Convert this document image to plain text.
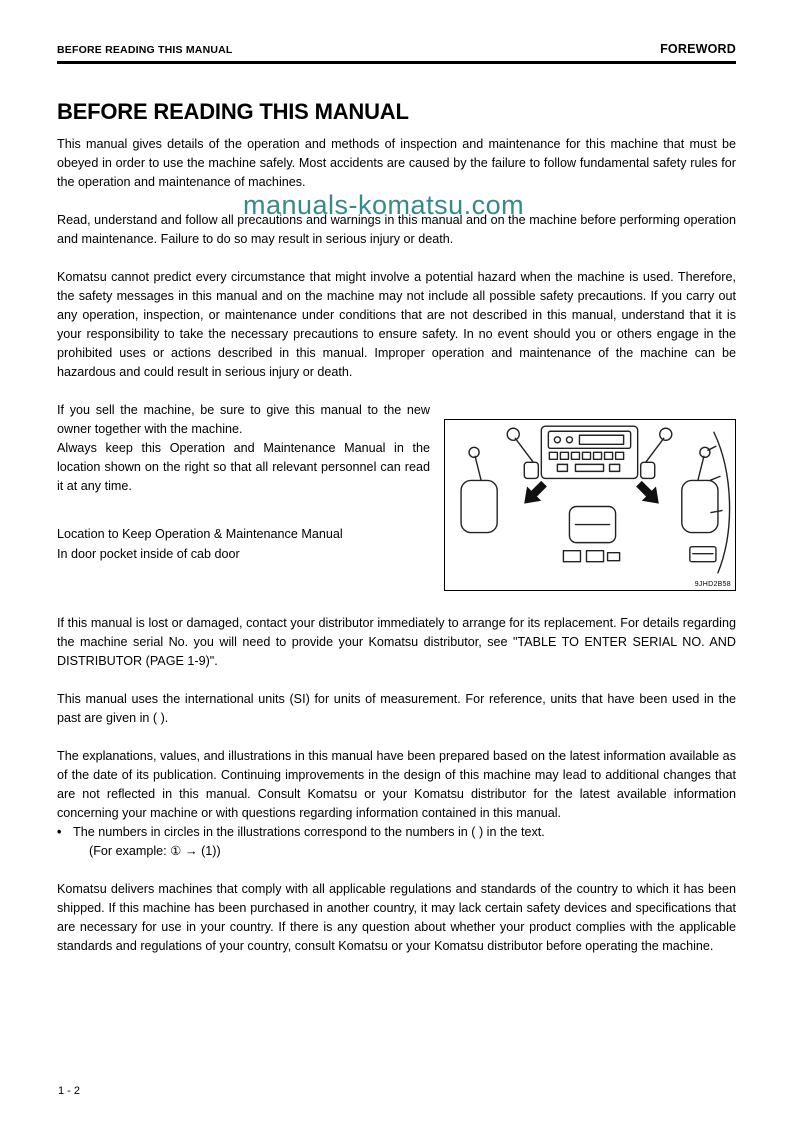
BEFORE READING THIS MANUAL	FOREWORD
manuals-komatsu.com
BEFORE READING THIS MANUAL

This manual gives details of the operation and methods of inspection and maintenance for this machine that must be obeyed in order to use the machine safely. Most accidents are caused by the failure to follow fundamental safety rules for the operation and maintenance of machines.

Read, understand and follow all precautions and warnings in this manual and on the machine before performing operation and maintenance. Failure to do so may result in serious injury or death.

Komatsu cannot predict every circumstance that might involve a potential hazard when the machine is used. Therefore, the safety messages in this manual and on the machine may not include all possible safety precautions. If you carry out any operation, inspection, or maintenance under conditions that are not described in this manual, understand that it is your responsibility to take the necessary precautions to ensure safety. In no event should you or others engage in the prohibited uses or actions described in this manual. Improper operation and maintenance of the machine can be hazardous and could result in serious injury or death.

9JHD2B58

If you sell the machine, be sure to give this manual to the new owner together with the machine.

Always keep this Operation and Maintenance Manual in the location shown on the right so that all relevant personnel can read it at any time.

Location to Keep Operation & Maintenance Manual
In door pocket inside of cab door

If this manual is lost or damaged, contact your distributor immediately to arrange for its replacement. For details regarding the machine serial No. you will need to provide your Komatsu distributor, see "TABLE TO ENTER SERIAL NO. AND DISTRIBUTOR (PAGE 1-9)".

This manual uses the international units (SI) for units of measurement. For reference, units that have been used in the past are given in ( ).

The explanations, values, and illustrations in this manual have been prepared based on the latest information available as of the date of its publication. Continuing improvements in the design of this machine may lead to additional changes that are not reflected in this manual. Consult Komatsu or your Komatsu distributor for the latest available information concerning your machine or with questions regarding information contained in this manual.

• The numbers in circles in the illustrations correspond to the numbers in ( ) in the text.
(For example: ① → (1))

Komatsu delivers machines that comply with all applicable regulations and standards of the country to which it has been shipped. If this machine has been purchased in another country, it may lack certain safety devices and specifications that are necessary for use in your country. If there is any question about whether your product complies with the applicable standards and regulations of your country, consult Komatsu or your Komatsu distributor before operating the machine.

1 - 2
